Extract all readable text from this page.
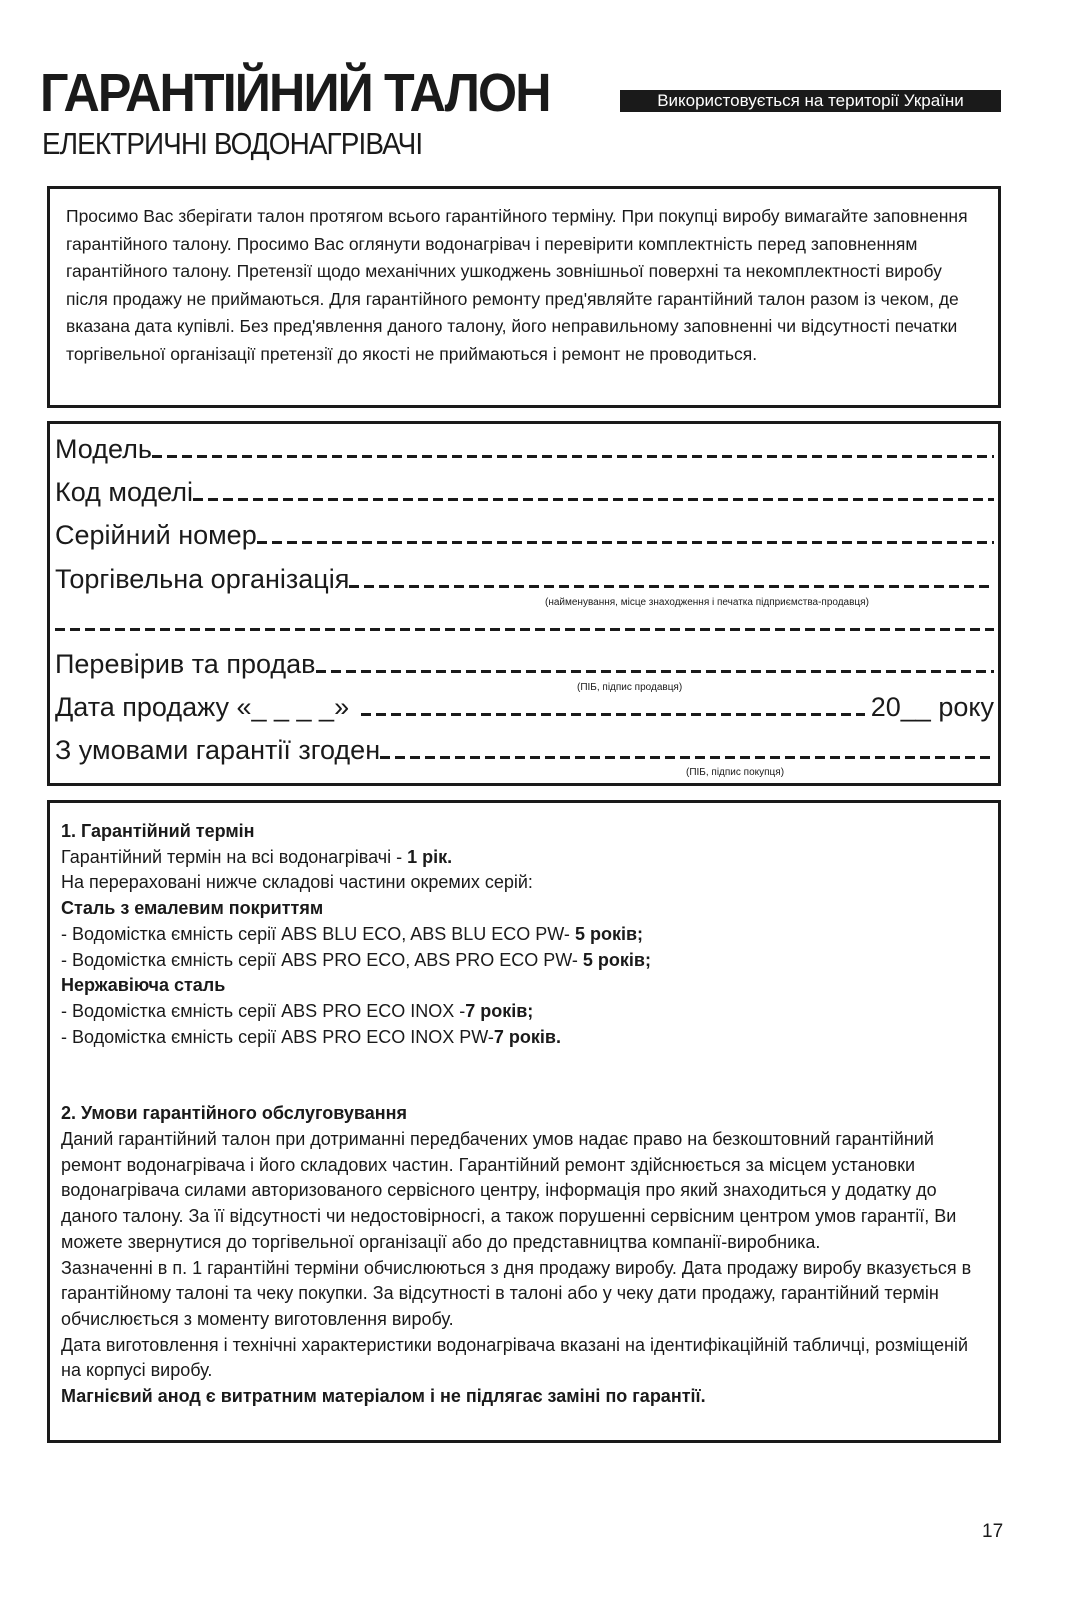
ГАРАНТІЙНИЙ ТАЛОН
ЕЛЕКТРИЧНІ ВОДОНАГРІВАЧІ
Використовується на території України

Просимо Вас зберігати талон протягом всього гарантійного терміну. При покупці виробу вимагайте заповнення гарантійного талону. Просимо Вас оглянути водонагрівач і перевірити комплектність перед заповненням гарантійного талону. Претензії щодо механічних ушкоджень зовнішньої поверхні та некомплектності виробу після продажу не приймаються. Для гарантійного ремонту пред'являйте гарантійний талон разом із чеком, де вказана дата купівлі. Без пред'явлення даного талону, його неправильному заповненні чи відсутності печатки торгівельної організації претензії до якості не приймаються і ремонт не проводиться.

Модель
Код моделі
Серійний номер
Торгівельна організація
(найменування, місце знаходження і печатка підприємства-продавця)
Перевірив та продав
(ПІБ, підпис продавця)
Дата продажу «_ _ _ _»	20__
року
З умовами гарантії згоден
(ПІБ, підпис покупця)
1. Гарантійний термін
Гарантійний термін на всі водонагрівачі - 1 рік.
На перераховані нижче складові частини окремих серій:
Сталь з емалевим покриттям
- Водомістка ємність серії ABS BLU ECO, ABS BLU ECO PW- 5 років;
- Водомістка ємність серії ABS PRO ECO, ABS PRO ECO PW- 5 років;
Нержавіюча сталь
- Водомістка ємність серії ABS PRO ECO INOX -7 років;
- Водомістка ємність серії ABS PRO ECO INOX PW-7 років.
2. Умови гарантійного обслуговування
Даний гарантійний талон при дотриманні передбачених умов надає право на безкоштовний гарантійний ремонт водонагрівача і його складових частин. Гарантійний ремонт здійснюється за місцем установки водонагрівача силами авторизованого сервісного центру, інформація про який знаходиться у додатку до даного талону. За її відсутності чи недостовірносгі, а також порушенні сервісним центром умов гарантії, Ви можете звернутися до торгівельної організації або до представництва компанії-виробника.
Зазначенні в п. 1 гарантійні терміни обчислюються з дня продажу виробу. Дата продажу виробу вказується в гарантійному талоні та чеку покупки. За відсутності в талоні або у чеку дати продажу, гарантійний термін обчислюється з моменту виготовлення виробу.
Дата виготовлення і технічні характеристики водонагрівача вказані на ідентифікаційній табличці, розміщеній на корпусі виробу.
Магнієвий анод є витратним матеріалом і не підлягає заміні по гарантії.
17
